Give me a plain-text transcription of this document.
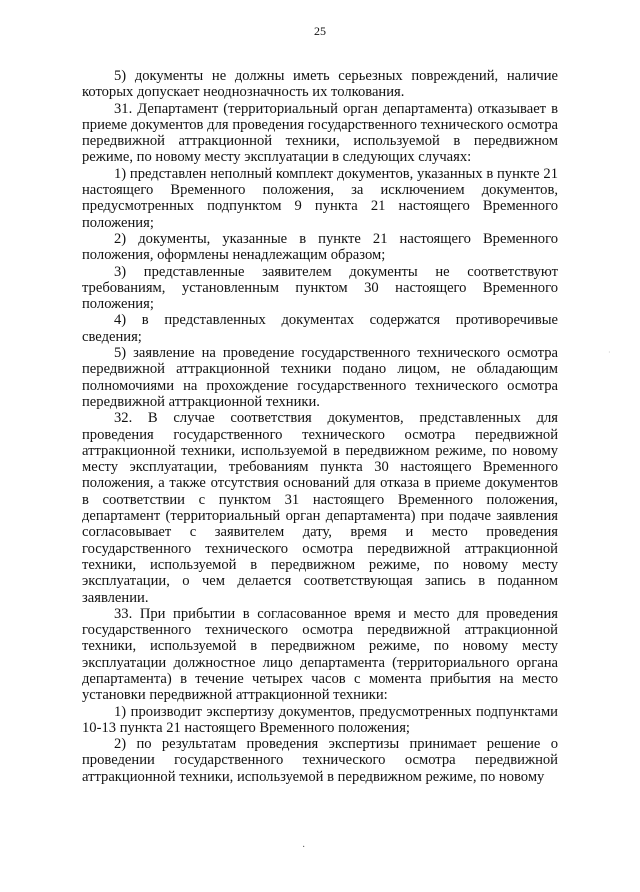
25

5) документы не должны иметь серьезных повреждений, наличие которых допускает неоднозначность их толкования.

31. Департамент (территориальный орган департамента) отказывает в приеме документов для проведения государственного технического осмотра передвижной аттракционной техники, используемой в передвижном режиме, по новому месту эксплуатации в следующих случаях:

1) представлен неполный комплект документов, указанных в пункте 21 настоящего Временного положения, за исключением документов, предусмотренных подпунктом 9 пункта 21 настоящего Временного положения;

2) документы, указанные в пункте 21 настоящего Временного положения, оформлены ненадлежащим образом;

3) представленные заявителем документы не соответствуют требованиям, установленным пунктом 30 настоящего Временного положения;

4) в представленных документах содержатся противоречивые сведения;

5) заявление на проведение государственного технического осмотра передвижной аттракционной техники подано лицом, не обладающим полномочиями на прохождение государственного технического осмотра передвижной аттракционной техники.

32. В случае соответствия документов, представленных для проведения государственного технического осмотра передвижной аттракционной техники, используемой в передвижном режиме, по новому месту эксплуатации, требованиям пункта 30 настоящего Временного положения, а также отсутствия оснований для отказа в приеме документов в соответствии с пунктом 31 настоящего Временного положения, департамент (территориальный орган департамента) при подаче заявления согласовывает с заявителем дату, время и место проведения государственного технического осмотра передвижной аттракционной техники, используемой в передвижном режиме, по новому месту эксплуатации, о чем делается соответствующая запись в поданном заявлении.

33. При прибытии в согласованное время и место для проведения государственного технического осмотра передвижной аттракционной техники, используемой в передвижном режиме, по новому месту эксплуатации должностное лицо департамента (территориального органа департамента) в течение четырех часов с момента прибытия на место установки передвижной аттракционной техники:

1) производит экспертизу документов, предусмотренных подпунктами 10-13 пункта 21 настоящего Временного положения;

2) по результатам проведения экспертизы принимает решение о проведении государственного технического осмотра передвижной аттракционной техники, используемой в передвижном режиме, по новому

·
·
